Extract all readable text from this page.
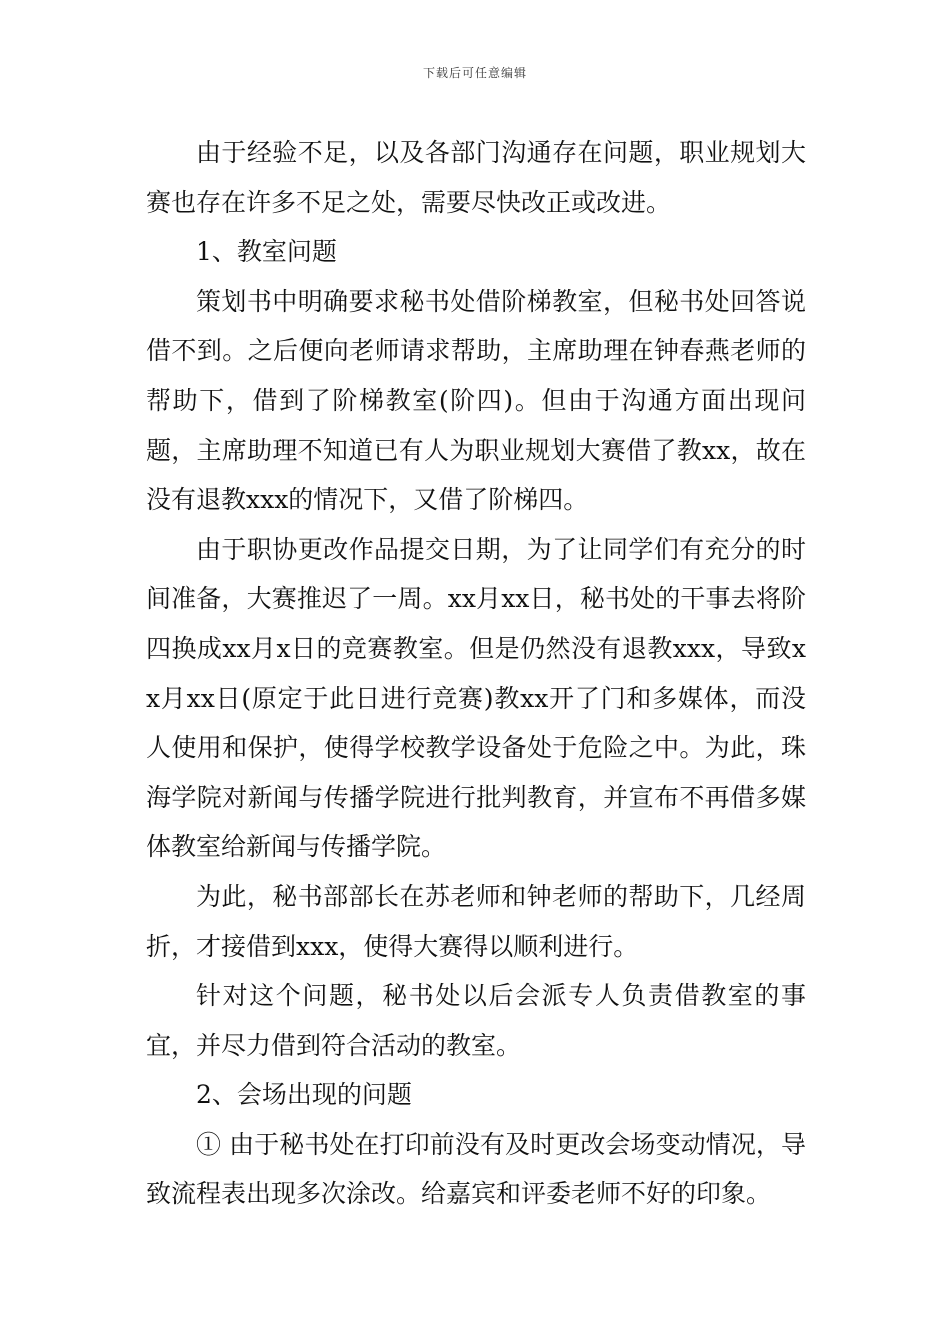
下载后可任意编辑

由于经验不足，以及各部门沟通存在问题，职业规划大赛也存在许多不足之处，需要尽快改正或改进。

1、教室问题

策划书中明确要求秘书处借阶梯教室，但秘书处回答说借不到。之后便向老师请求帮助，主席助理在钟春燕老师的帮助下，借到了阶梯教室(阶四)。但由于沟通方面出现问题，主席助理不知道已有人为职业规划大赛借了教xx，故在没有退教xxx的情况下，又借了阶梯四。

由于职协更改作品提交日期，为了让同学们有充分的时间准备，大赛推迟了一周。xx月xx日，秘书处的干事去将阶四换成xx月x日的竞赛教室。但是仍然没有退教xxx，导致xx月xx日(原定于此日进行竞赛)教xx开了门和多媒体，而没人使用和保护，使得学校教学设备处于危险之中。为此，珠海学院对新闻与传播学院进行批判教育，并宣布不再借多媒体教室给新闻与传播学院。

为此，秘书部部长在苏老师和钟老师的帮助下，几经周折，才接借到xxx，使得大赛得以顺利进行。

针对这个问题，秘书处以后会派专人负责借教室的事宜，并尽力借到符合活动的教室。

2、会场出现的问题

① 由于秘书处在打印前没有及时更改会场变动情况，导致流程表出现多次涂改。给嘉宾和评委老师不好的印象。
